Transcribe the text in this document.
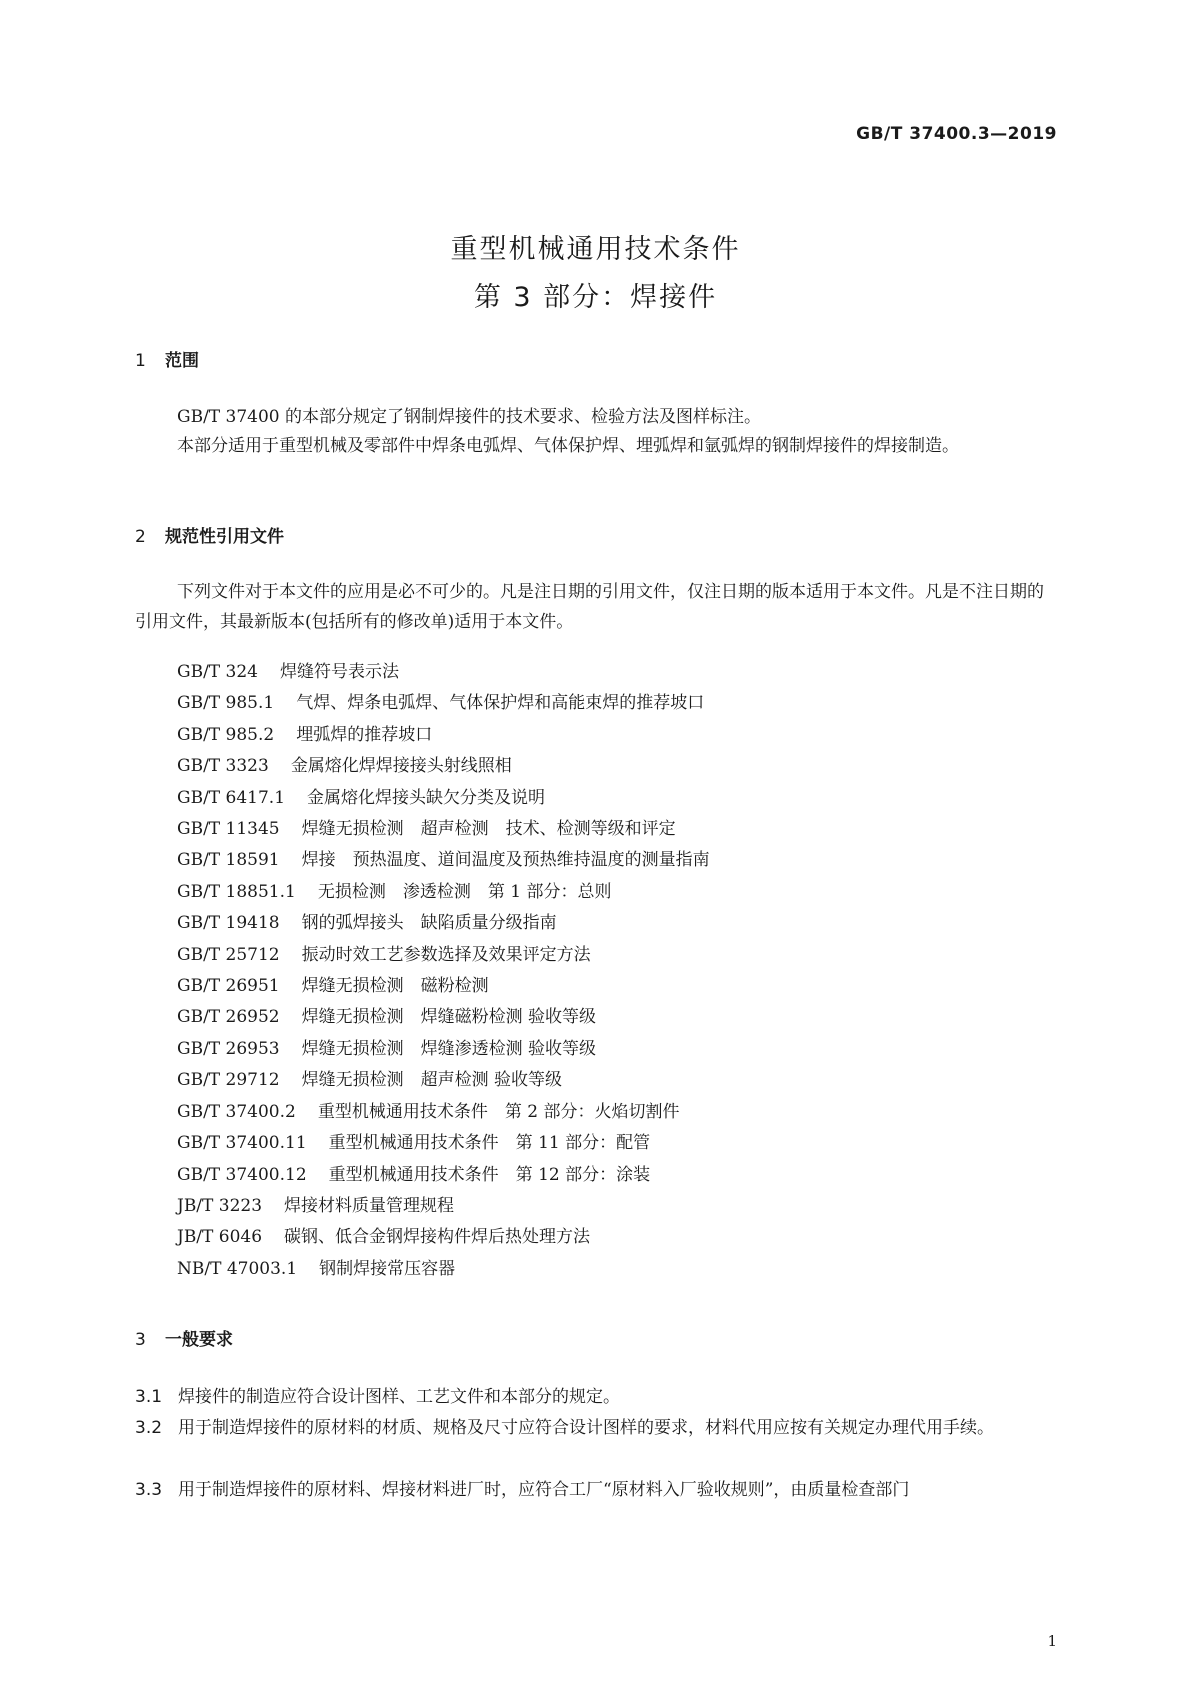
GB/T 37400.3—2019
重型机械通用技术条件
第 3 部分：焊接件
1 范围
GB/T 37400 的本部分规定了钢制焊接件的技术要求、检验方法及图样标注。
本部分适用于重型机械及零部件中焊条电弧焊、气体保护焊、埋弧焊和氩弧焊的钢制焊接件的焊接制造。
2 规范性引用文件
下列文件对于本文件的应用是必不可少的。凡是注日期的引用文件，仅注日期的版本适用于本文件。凡是不注日期的引用文件，其最新版本(包括所有的修改单)适用于本文件。
GB/T 324 焊缝符号表示法
GB/T 985.1 气焊、焊条电弧焊、气体保护焊和高能束焊的推荐坡口
GB/T 985.2 埋弧焊的推荐坡口
GB/T 3323 金属熔化焊焊接接头射线照相
GB/T 6417.1 金属熔化焊接头缺欠分类及说明
GB/T 11345 焊缝无损检测　超声检测　技术、检测等级和评定
GB/T 18591 焊接　预热温度、道间温度及预热维持温度的测量指南
GB/T 18851.1 无损检测　渗透检测　第 1 部分：总则
GB/T 19418 钢的弧焊接头　缺陷质量分级指南
GB/T 25712 振动时效工艺参数选择及效果评定方法
GB/T 26951 焊缝无损检测　磁粉检测
GB/T 26952 焊缝无损检测　焊缝磁粉检测 验收等级
GB/T 26953 焊缝无损检测　焊缝渗透检测 验收等级
GB/T 29712 焊缝无损检测　超声检测 验收等级
GB/T 37400.2 重型机械通用技术条件　第 2 部分：火焰切割件
GB/T 37400.11 重型机械通用技术条件　第 11 部分：配管
GB/T 37400.12 重型机械通用技术条件　第 12 部分：涂装
JB/T 3223 焊接材料质量管理规程
JB/T 6046 碳钢、低合金钢焊接构件焊后热处理方法
NB/T 47003.1 钢制焊接常压容器
3 一般要求
3.1 焊接件的制造应符合设计图样、工艺文件和本部分的规定。
3.2 用于制造焊接件的原材料的材质、规格及尺寸应符合设计图样的要求，材料代用应按有关规定办理代用手续。
3.3 用于制造焊接件的原材料、焊接材料进厂时，应符合工厂“原材料入厂验收规则”，由质量检查部门
1
